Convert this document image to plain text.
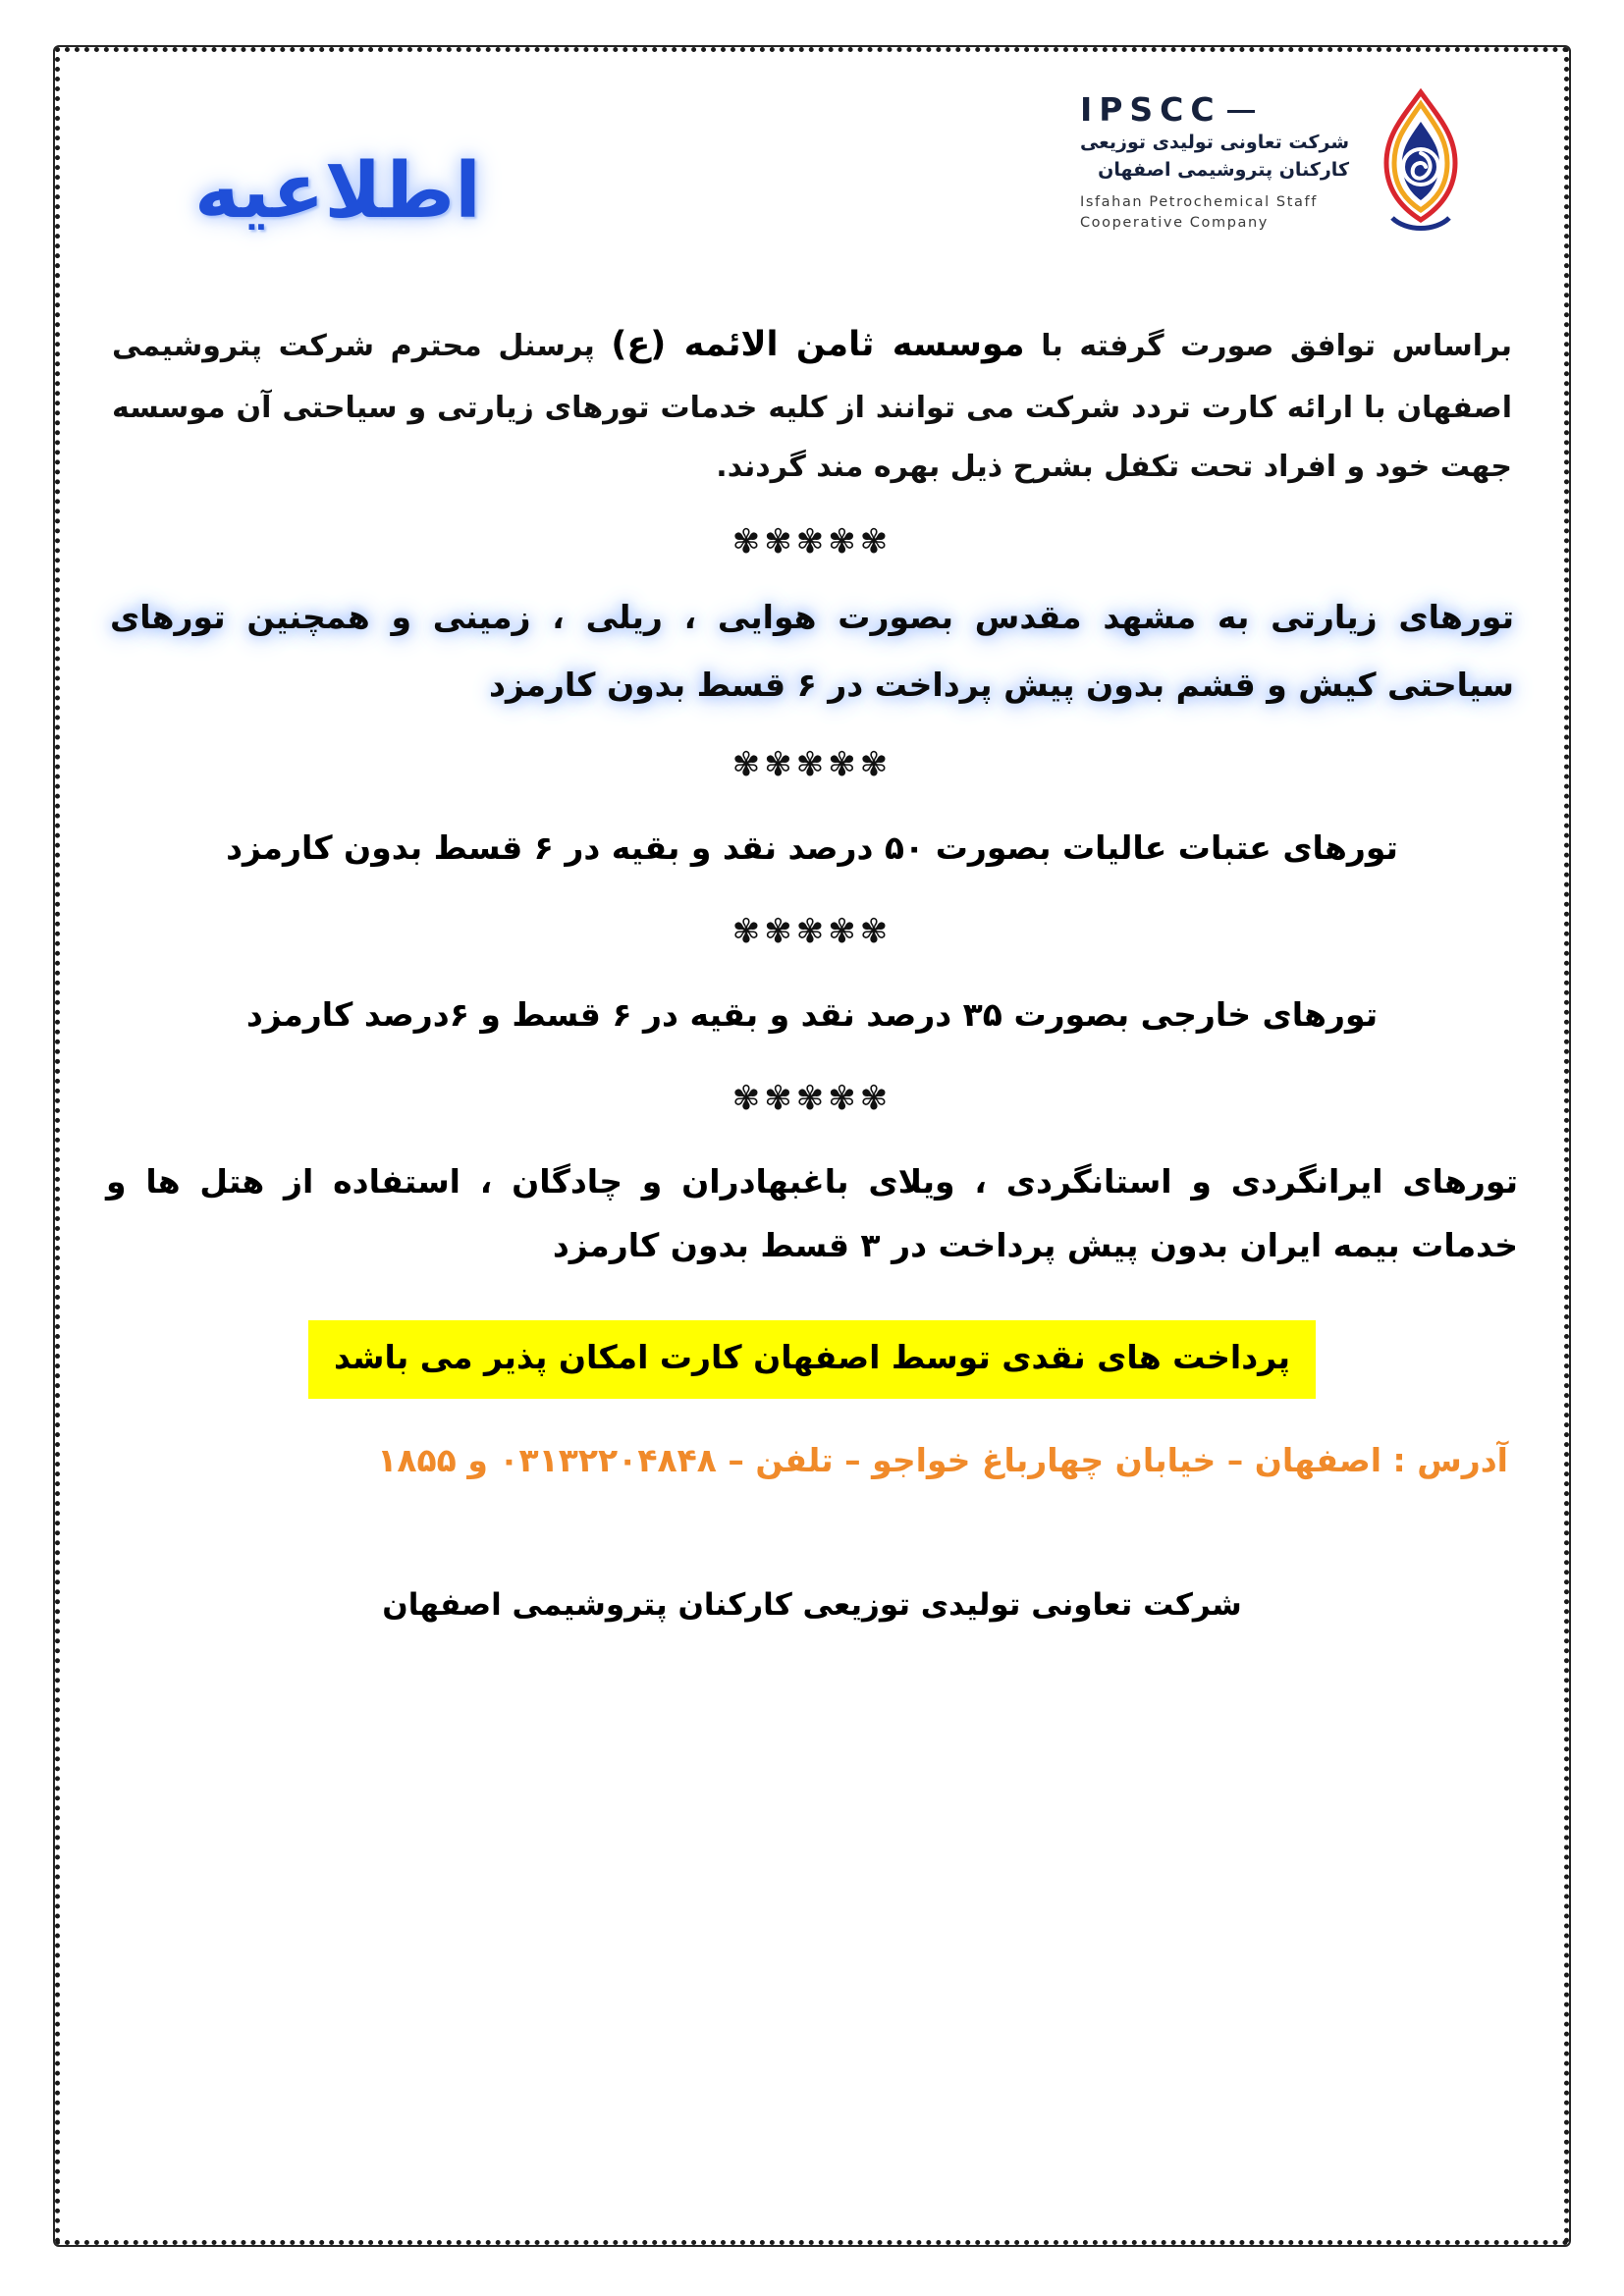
اطلاعیه
IPSCC
شرکت تعاونی تولیدی توزیعی
کارکنان پتروشیمی اصفهان
Isfahan Petrochemical Staff
Cooperative Company

براساس توافق صورت گرفته با موسسه ثامن الائمه (ع) پرسنل محترم شرکت پتروشیمی اصفهان با ارائه کارت تردد شرکت می توانند از کلیه خدمات تورهای زیارتی و سیاحتی آن موسسه جهت خود و افراد تحت تکفل بشرح ذیل بهره مند گردند.

✾✾✾✾✾

تورهای زیارتی به مشهد مقدس بصورت هوایی ، ریلی ، زمینی و همچنین تورهای سیاحتی کیش و قشم بدون پیش پرداخت در ۶ قسط بدون کارمزد

✾✾✾✾✾

تورهای عتبات عالیات بصورت ۵۰ درصد نقد و بقیه در ۶ قسط بدون کارمزد

✾✾✾✾✾

تورهای خارجی بصورت ۳۵ درصد نقد و بقیه در ۶ قسط و ۶درصد کارمزد

✾✾✾✾✾

تورهای ایرانگردی و استانگردی ، ویلای باغبهادران و چادگان ، استفاده از هتل ها و خدمات بیمه ایران بدون پیش پرداخت در ۳ قسط بدون کارمزد

پرداخت های نقدی توسط اصفهان کارت امکان پذیر می باشد
آدرس : اصفهان – خیابان چهارباغ خواجو – تلفن – ۰۳۱۳۲۲۰۴۸۴۸ و ۱۸۵۵
شرکت تعاونی تولیدی توزیعی کارکنان پتروشیمی اصفهان
